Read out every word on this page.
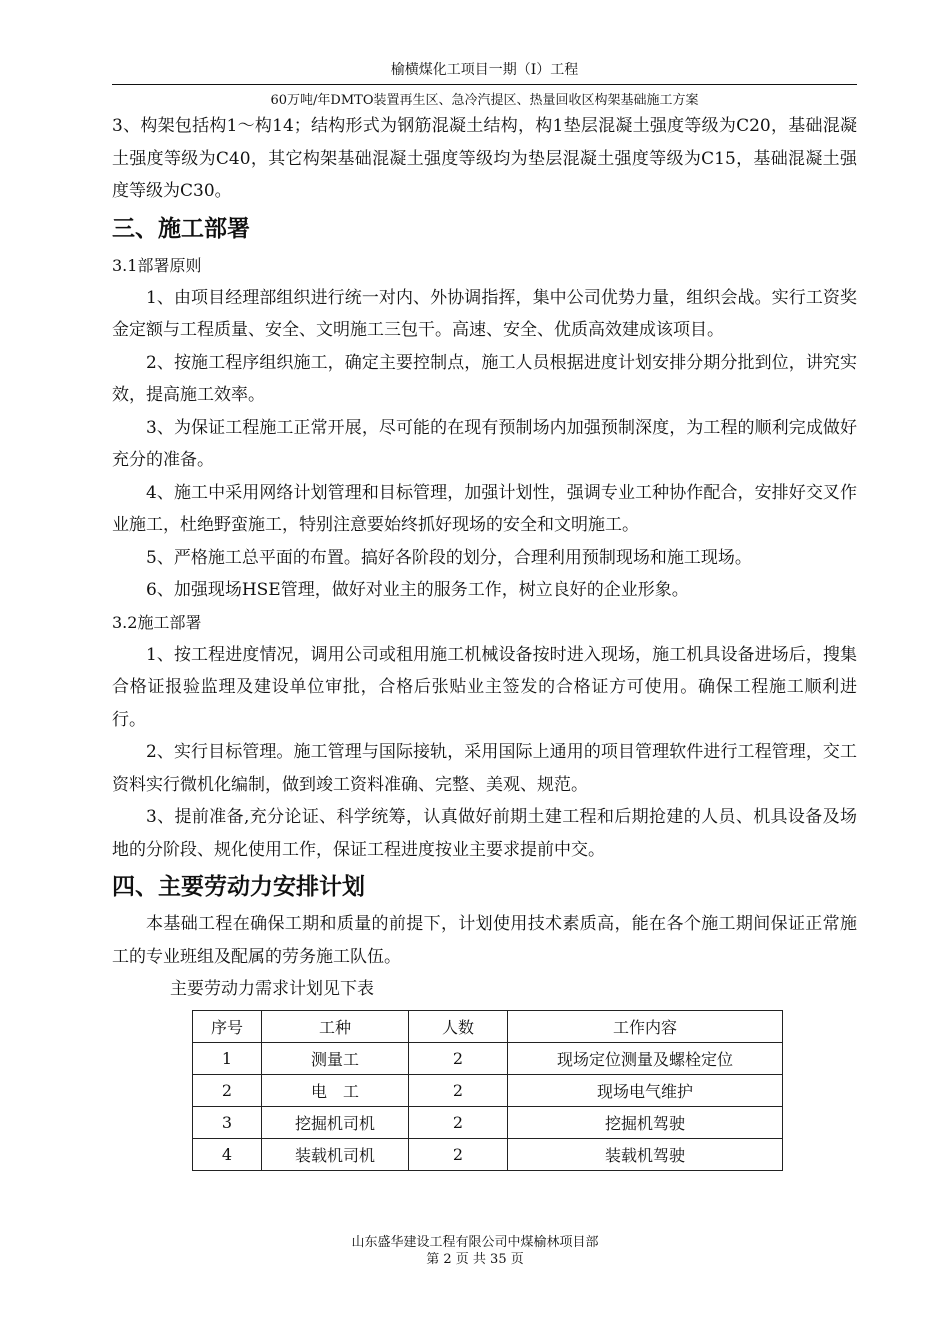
榆横煤化工项目一期（Ⅰ）工程
60万吨/年DMTO装置再生区、急冷汽提区、热量回收区构架基础施工方案

3、构架包括构1～构14；结构形式为钢筋混凝土结构，构1垫层混凝土强度等级为C20，基础混凝土强度等级为C40，其它构架基础混凝土强度等级均为垫层混凝土强度等级为C15，基础混凝土强度等级为C30。

三、施工部署
3.1部署原则

1、由项目经理部组织进行统一对内、外协调指挥，集中公司优势力量，组织会战。实行工资奖金定额与工程质量、安全、文明施工三包干。高速、安全、优质高效建成该项目。

2、按施工程序组织施工，确定主要控制点，施工人员根据进度计划安排分期分批到位，讲究实效，提高施工效率。

3、为保证工程施工正常开展，尽可能的在现有预制场内加强预制深度，为工程的顺利完成做好充分的准备。

4、施工中采用网络计划管理和目标管理，加强计划性，强调专业工种协作配合，安排好交叉作业施工，杜绝野蛮施工，特别注意要始终抓好现场的安全和文明施工。

5、严格施工总平面的布置。搞好各阶段的划分，合理利用预制现场和施工现场。

6、加强现场HSE管理，做好对业主的服务工作，树立良好的企业形象。

3.2施工部署

1、按工程进度情况，调用公司或租用施工机械设备按时进入现场，施工机具设备进场后，搜集合格证报验监理及建设单位审批，合格后张贴业主签发的合格证方可使用。确保工程施工顺利进行。

2、实行目标管理。施工管理与国际接轨，采用国际上通用的项目管理软件进行工程管理，交工资料实行微机化编制，做到竣工资料准确、完整、美观、规范。

3、提前准备,充分论证、科学统筹，认真做好前期土建工程和后期抢建的人员、机具设备及场地的分阶段、规化使用工作，保证工程进度按业主要求提前中交。

四、主要劳动力安排计划

本基础工程在确保工期和质量的前提下，计划使用技术素质高，能在各个施工期间保证正常施工的专业班组及配属的劳务施工队伍。

主要劳动力需求计划见下表

序号	工种	人数	工作内容
1	测量工	2	现场定位测量及螺栓定位
2	电　工	2	现场电气维护
3	挖掘机司机	2	挖掘机驾驶
4	装载机司机	2	装载机驾驶
山东盛华建设工程有限公司中煤榆林项目部
第 2 页 共 35 页
